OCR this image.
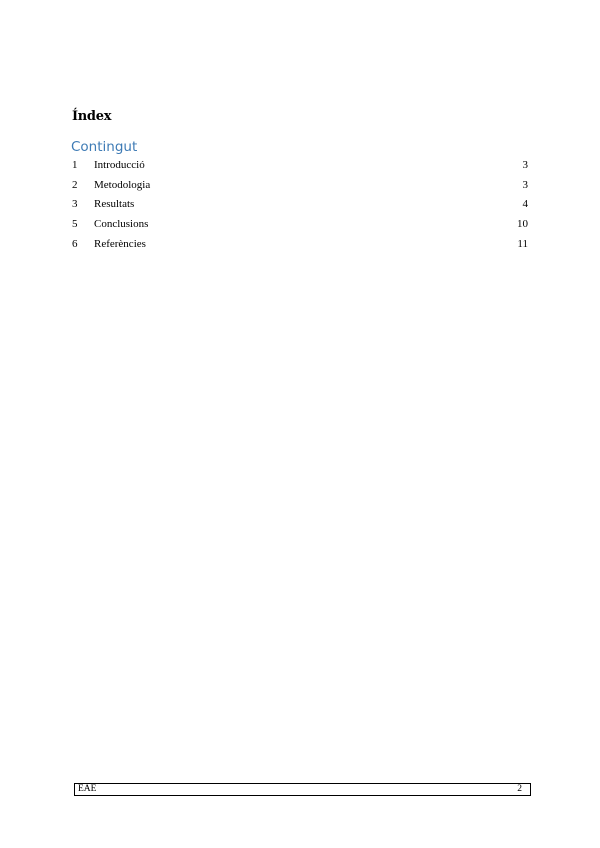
Índex
Contingut
1	Introducció	3
2	Metodologia	3
3	Resultats	4
5	Conclusions	10
6	Referències	11
EAE	2
